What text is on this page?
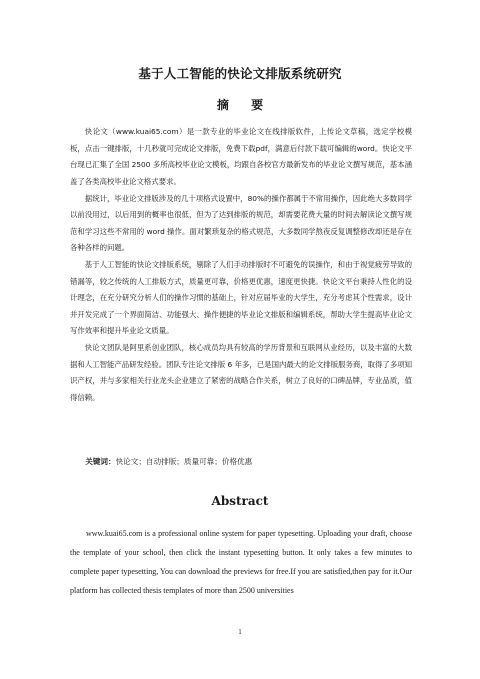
基于人工智能的快论文排版系统研究
摘 要

快论文（www.kuai65.com）是一款专业的毕业论文在线排版软件，上传论文草稿，选定学校模板，点击一键排版，十几秒就可完成论文排版，免费下载pdf，满意后付款下载可编辑的word。快论文平台现已汇集了全国 2500 多所高校毕业论文模板，均跟自各校官方最新发布的毕业论文撰写规范，基本涵盖了各类高校毕业论文格式要求。

据统计，毕业论文排版涉及的几十项格式设置中，80%的操作都属于不常用操作，因此绝大多数同学以前没用过，以后用到的概率也很低，但为了达到排版的规范，却需要花费大量的时间去解读论文撰写规范和学习这些不常用的 word 操作。面对繁琐复杂的格式规范，大多数同学熬夜反复调整修改却还是存在各种各样的问题。

基于人工智能的快论文排版系统，剔除了人们手动排版时不可避免的误操作，和由于视觉疲劳导致的错漏等，较之传统的人工排版方式，质量更可靠，价格更优惠，速度更快捷。快论文平台秉持人性化的设计理念，在充分研究分析人们的操作习惯的基础上，针对应届毕业的大学生，充分考虑其个性需求，设计并开发完成了一个界面简洁、功能强大、操作便捷的毕业论文排版和编辑系统，帮助大学生提高毕业论文写作效率和提升毕业论文质量。

快论文团队是阿里系创业团队，核心成员均具有较高的学历背景和互联网从业经历，以及丰富的大数据和人工智能产品研发经验。团队专注论文排版 6 年多，已是国内最大的论文排版服务商，取得了多项知识产权，并与多家相关行业龙头企业建立了紧密的战略合作关系，树立了良好的口碑品牌，专业品质，值得信赖。

关键词：快论文；自动排版；质量可靠；价格优惠
Abstract

www.kuai65.com is a professional online system for paper typesetting. Uploading your draft, choose the template of your school, then click the instant typesetting button. It only takes a few minutes to complete paper typesetting, You can download the previews for free.If you are satisfied,then pay for it.Our platform has collected thesis templates of more than 2500 universities

1
